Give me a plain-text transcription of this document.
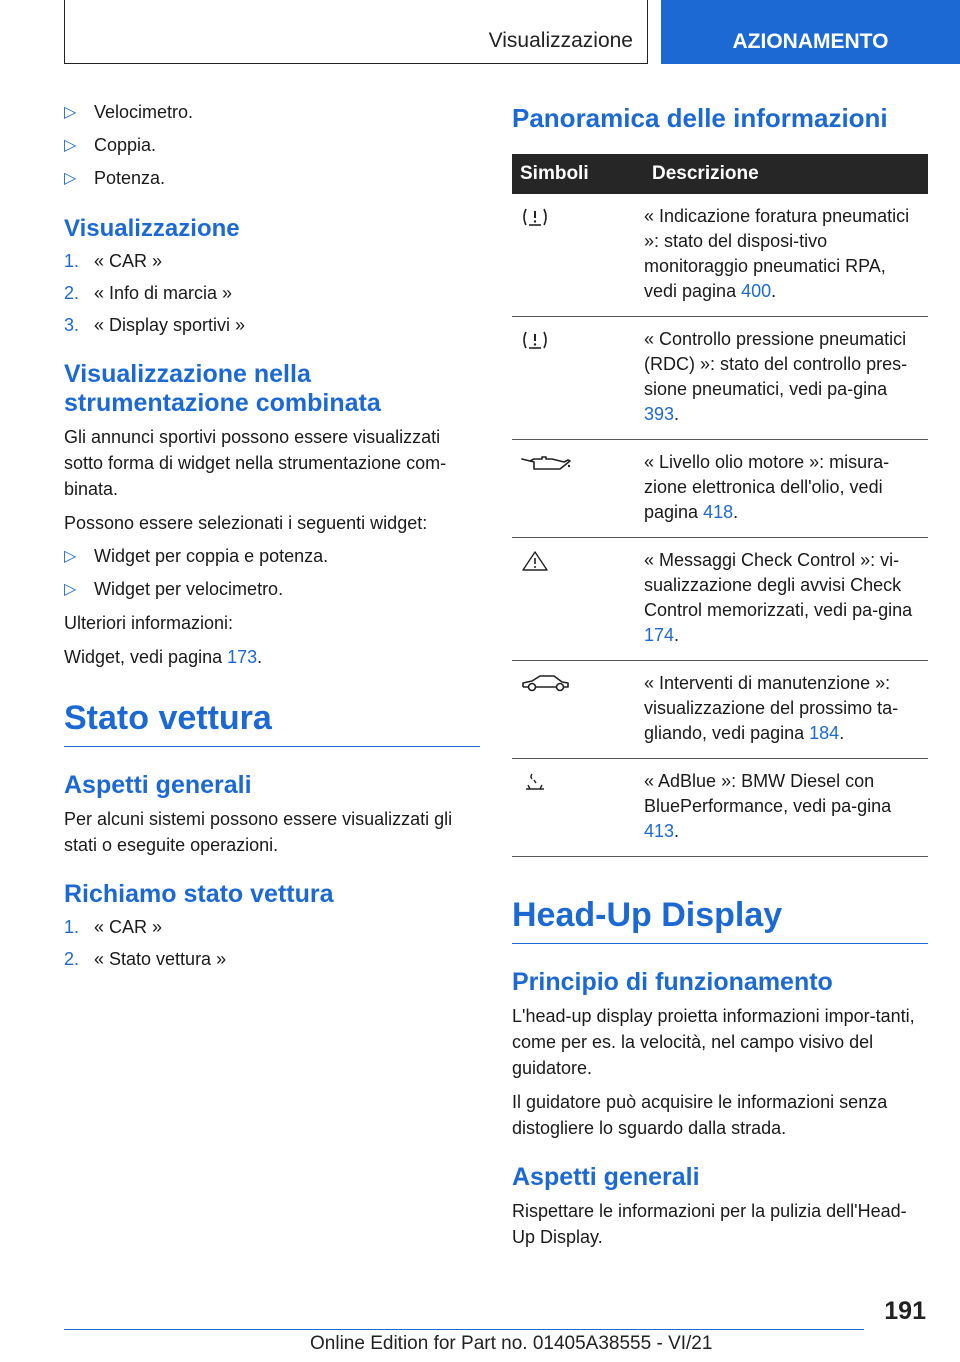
Visualizzazione	AZIONAMENTO
▷ Velocimetro.
▷ Coppia.
▷ Potenza.
Visualizzazione
1. « CAR »
2. « Info di marcia »
3. « Display sportivi »
Visualizzazione nella strumentazione combinata

Gli annunci sportivi possono essere visualizzati sotto forma di widget nella strumentazione com-binata.

Possono essere selezionati i seguenti widget:

▷ Widget per coppia e potenza.
▷ Widget per velocimetro.

Ulteriori informazioni:

Widget, vedi pagina 173.

Stato vettura
Aspetti generali

Per alcuni sistemi possono essere visualizzati gli stati o eseguite operazioni.

Richiamo stato vettura
1. « CAR »
2. « Stato vettura »
Panoramica delle informazioni
Simboli	Descrizione

	« Indicazione foratura pneumatici »: stato del disposi-tivo monitoraggio pneumatici RPA, vedi pagina 400.

	« Controllo pressione pneumatici (RDC) »: stato del controllo pres-sione pneumatici, vedi pa-gina 393.

	« Livello olio motore »: misura-zione elettronica dell'olio, vedi pagina 418.

	« Messaggi Check Control »: vi-sualizzazione degli avvisi Check Control memorizzati, vedi pa-gina 174.

	« Interventi di manutenzione »: visualizzazione del prossimo ta-gliando, vedi pagina 184.

	« AdBlue »: BMW Diesel con BluePerformance, vedi pa-gina 413.
Head-Up Display
Principio di funzionamento

L'head-up display proietta informazioni impor-tanti, come per es. la velocità, nel campo visivo del guidatore.

Il guidatore può acquisire le informazioni senza distogliere lo sguardo dalla strada.

Aspetti generali

Rispettare le informazioni per la pulizia dell'Head-Up Display.

191
Online Edition for Part no. 01405A38555 - VI/21
